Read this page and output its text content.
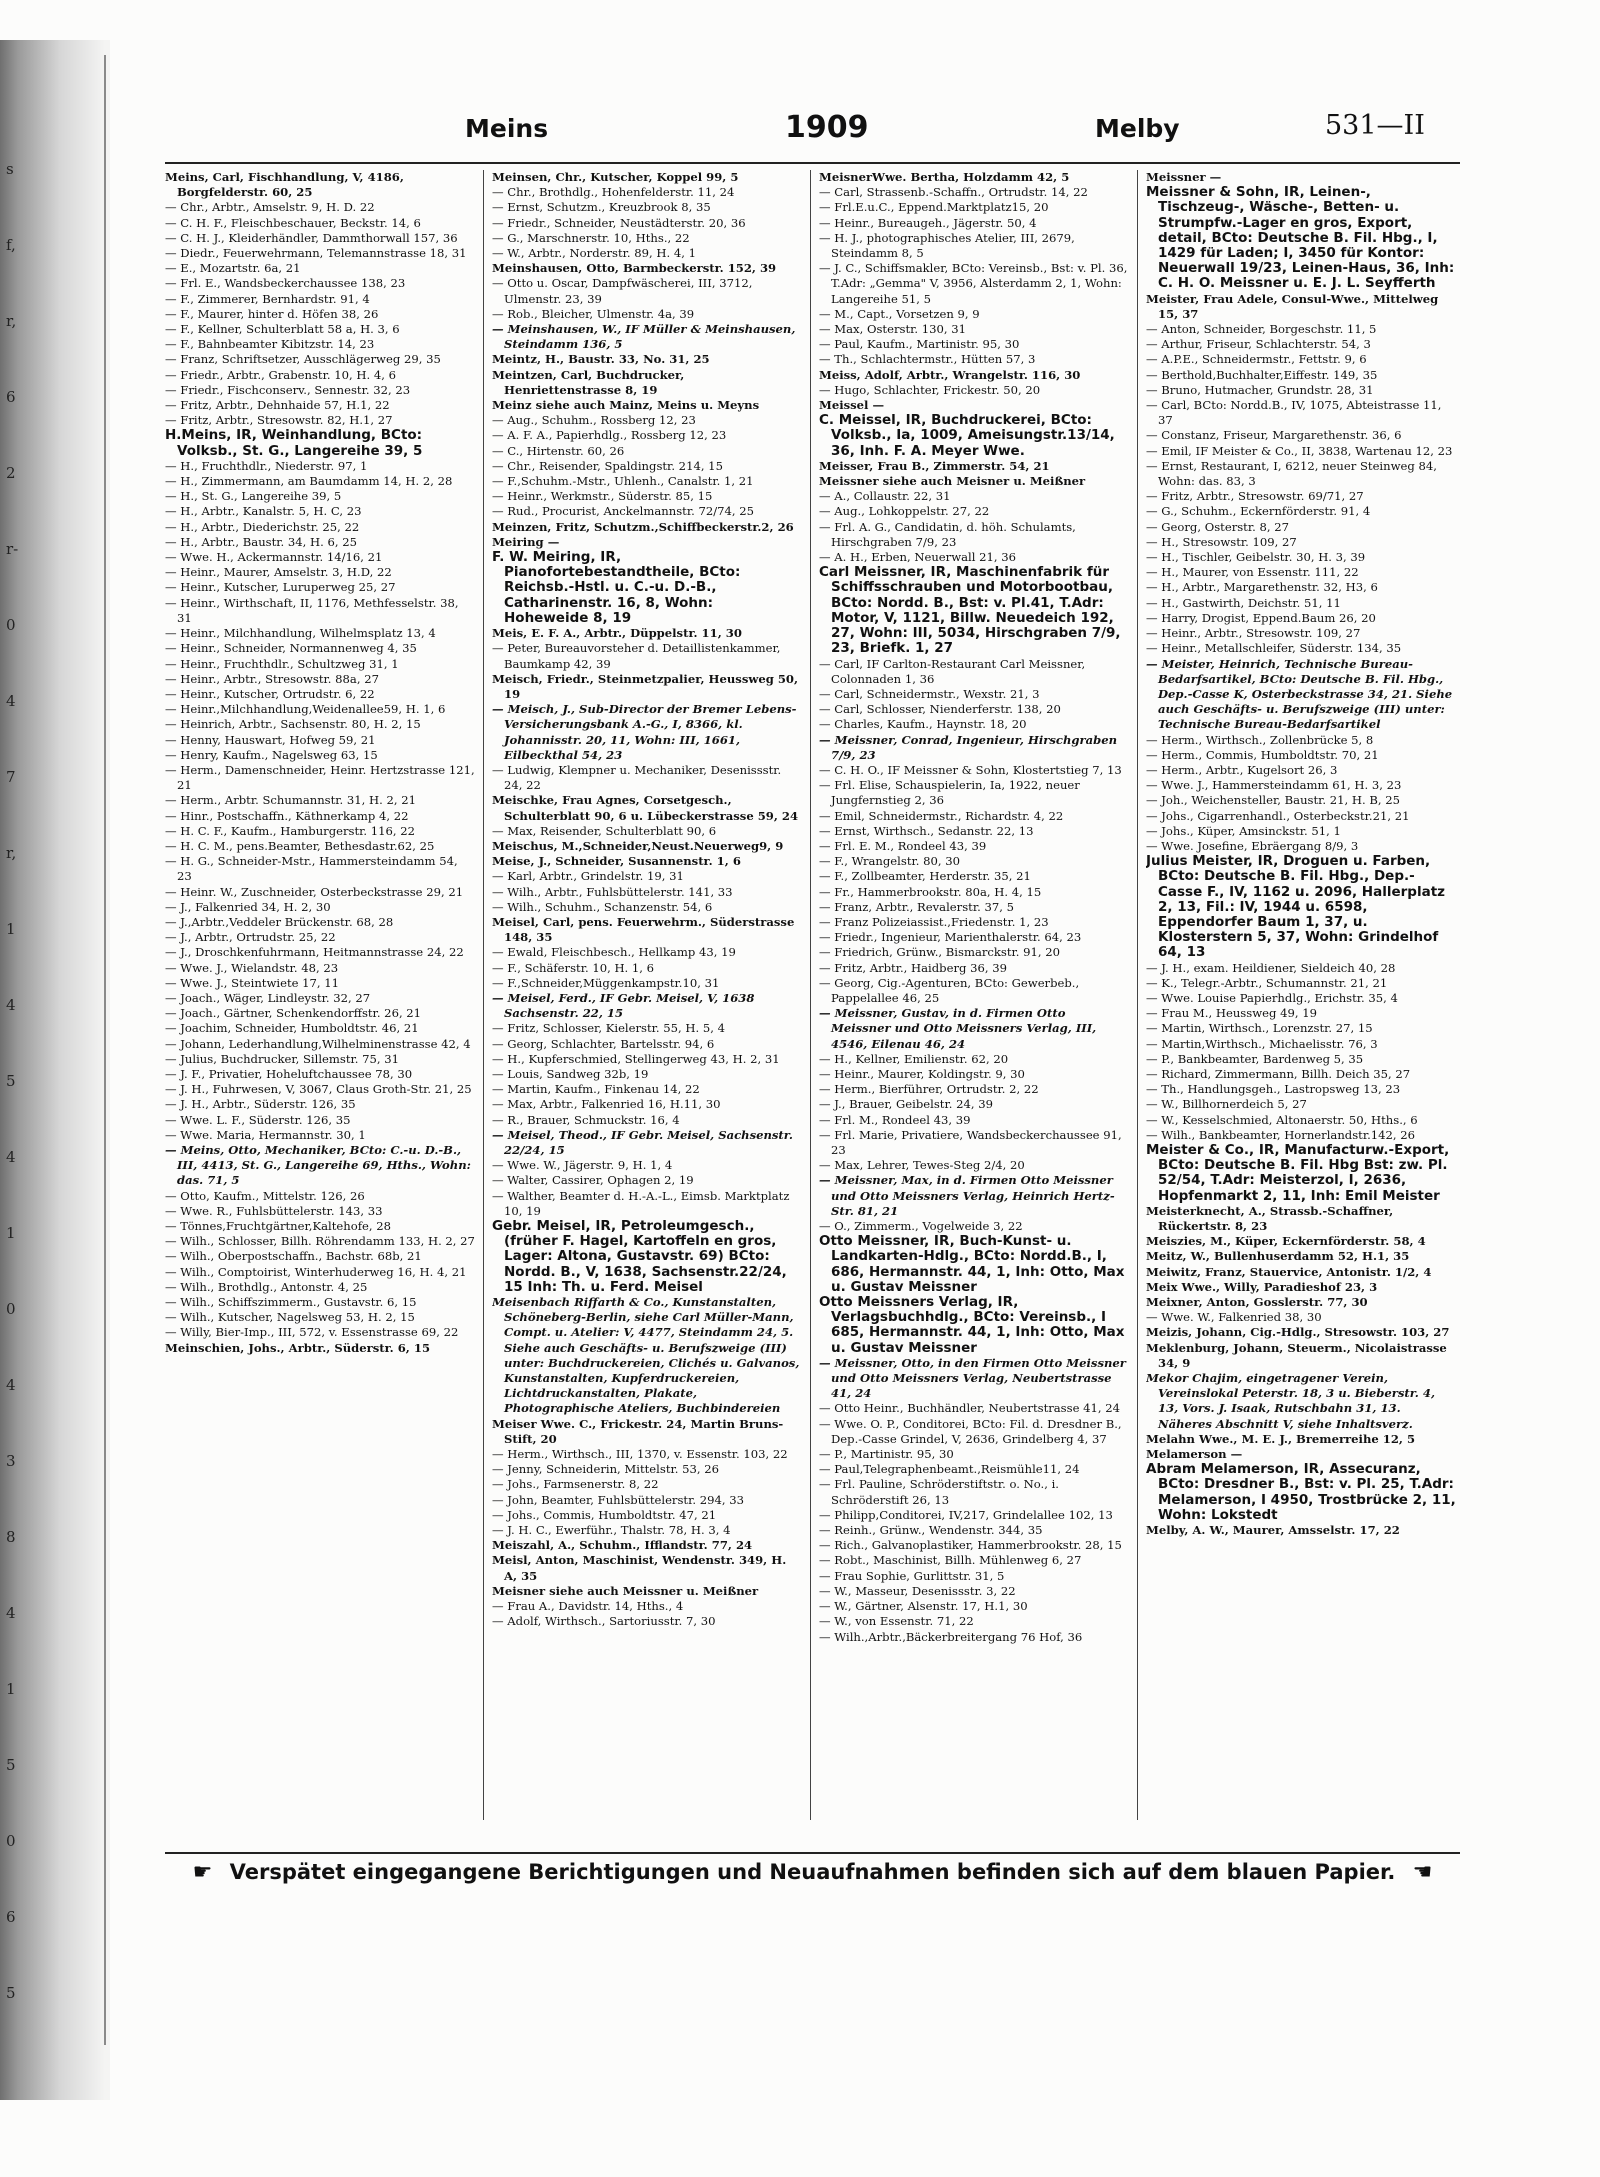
s
f,
r,
6
2
r-
0
4
7
r,
1
4
5
4
1
0
4
3
8
4
1
5
0
6
5
Meins	1909	Melby	531—II

Meins, Carl, Fischhandlung, V, 4186, Borgfelderstr. 60, 25

— Chr., Arbtr., Amselstr. 9, H. D. 22

— C. H. F., Fleischbeschauer, Beckstr. 14, 6

— C. H. J., Kleiderhändler, Dammthorwall 157, 36

— Diedr., Feuerwehrmann, Telemannstrasse 18, 31

— E., Mozartstr. 6a, 21

— Frl. E., Wandsbeckerchaussee 138, 23

— F., Zimmerer, Bernhardstr. 91, 4

— F., Maurer, hinter d. Höfen 38, 26

— F., Kellner, Schulterblatt 58 a, H. 3, 6

— F., Bahnbeamter Kibitzstr. 14, 23

— Franz, Schriftsetzer, Ausschlägerweg 29, 35

— Friedr., Arbtr., Grabenstr. 10, H. 4, 6

— Friedr., Fischconserv., Sennestr. 32, 23

— Fritz, Arbtr., Dehnhaide 57, H.1, 22

— Fritz, Arbtr., Stresowstr. 82, H.1, 27

H.Meins, IR, Weinhandlung, BCto: Volksb., St. G., Langereihe 39, 5

— H., Fruchthdlr., Niederstr. 97, 1

— H., Zimmermann, am Baumdamm 14, H. 2, 28

— H., St. G., Langereihe 39, 5

— H., Arbtr., Kanalstr. 5, H. C, 23

— H., Arbtr., Diederichstr. 25, 22

— H., Arbtr., Baustr. 34, H. 6, 25

— Wwe. H., Ackermannstr. 14/16, 21

— Heinr., Maurer, Amselstr. 3, H.D, 22

— Heinr., Kutscher, Luruperweg 25, 27

— Heinr., Wirthschaft, II, 1176, Methfesselstr. 38, 31

— Heinr., Milchhandlung, Wilhelmsplatz 13, 4

— Heinr., Schneider, Normannenweg 4, 35

— Heinr., Fruchthdlr., Schultzweg 31, 1

— Heinr., Arbtr., Stresowstr. 88a, 27

— Heinr., Kutscher, Ortrudstr. 6, 22

— Heinr.,Milchhandlung,Weidenallee59, H. 1, 6

— Heinrich, Arbtr., Sachsenstr. 80, H. 2, 15

— Henny, Hauswart, Hofweg 59, 21

— Henry, Kaufm., Nagelsweg 63, 15

— Herm., Damenschneider, Heinr. Hertzstrasse 121, 21

— Herm., Arbtr. Schumannstr. 31, H. 2, 21

— Hinr., Postschaffn., Käthnerkamp 4, 22

— H. C. F., Kaufm., Hamburgerstr. 116, 22

— H. C. M., pens.Beamter, Bethesdastr.62, 25

— H. G., Schneider-Mstr., Hammersteindamm 54, 23

— Heinr. W., Zuschneider, Osterbeckstrasse 29, 21

— J., Falkenried 34, H. 2, 30

— J.,Arbtr.,Veddeler Brückenstr. 68, 28

— J., Arbtr., Ortrudstr. 25, 22

— J., Droschkenfuhrmann, Heitmannstrasse 24, 22

— Wwe. J., Wielandstr. 48, 23

— Wwe. J., Steintwiete 17, 11

— Joach., Wäger, Lindleystr. 32, 27

— Joach., Gärtner, Schenkendorffstr. 26, 21

— Joachim, Schneider, Humboldtstr. 46, 21

— Johann, Lederhandlung,Wilhelminenstrasse 42, 4

— Julius, Buchdrucker, Sillemstr. 75, 31

— J. F., Privatier, Hoheluftchaussee 78, 30

— J. H., Fuhrwesen, V, 3067, Claus Groth-Str. 21, 25

— J. H., Arbtr., Süderstr. 126, 35

— Wwe. L. F., Süderstr. 126, 35

— Wwe. Maria, Hermannstr. 30, 1

— Meins, Otto, Mechaniker, BCto: C.-u. D.-B., III, 4413, St. G., Langereihe 69, Hths., Wohn: das. 71, 5

— Otto, Kaufm., Mittelstr. 126, 26

— Wwe. R., Fuhlsbüttelerstr. 143, 33

— Tönnes,Fruchtgärtner,Kaltehofe, 28

— Wilh., Schlosser, Billh. Röhrendamm 133, H. 2, 27

— Wilh., Oberpostschaffn., Bachstr. 68b, 21

— Wilh., Comptoirist, Winterhuderweg 16, H. 4, 21

— Wilh., Brothdlg., Antonstr. 4, 25

— Wilh., Schiffszimmerm., Gustavstr. 6, 15

— Wilh., Kutscher, Nagelsweg 53, H. 2, 15

— Willy, Bier-Imp., III, 572, v. Essenstrasse 69, 22

Meinschien, Johs., Arbtr., Süderstr. 6, 15

Meinsen, Chr., Kutscher, Koppel 99, 5

— Chr., Brothdlg., Hohenfelderstr. 11, 24

— Ernst, Schutzm., Kreuzbrook 8, 35

— Friedr., Schneider, Neustädterstr. 20, 36

— G., Marschnerstr. 10, Hths., 22

— W., Arbtr., Norderstr. 89, H. 4, 1

Meinshausen, Otto, Barmbeckerstr. 152, 39

— Otto u. Oscar, Dampfwäscherei, III, 3712, Ulmenstr. 23, 39

— Rob., Bleicher, Ulmenstr. 4a, 39

— Meinshausen, W., IF Müller & Meinshausen, Steindamm 136, 5

Meintz, H., Baustr. 33, No. 31, 25

Meintzen, Carl, Buchdrucker, Henriettenstrasse 8, 19

Meinz siehe auch Mainz, Meins u. Meyns

— Aug., Schuhm., Rossberg 12, 23

— A. F. A., Papierhdlg., Rossberg 12, 23

— C., Hirtenstr. 60, 26

— Chr., Reisender, Spaldingstr. 214, 15

— F.,Schuhm.-Mstr., Uhlenh., Canalstr. 1, 21

— Heinr., Werkmstr., Süderstr. 85, 15

— Rud., Procurist, Anckelmannstr. 72/74, 25

Meinzen, Fritz, Schutzm.,Schiffbeckerstr.2, 26

Meiring —

F. W. Meiring, IR, Pianofortebestandtheile, BCto: Reichsb.-Hstl. u. C.-u. D.-B., Catharinenstr. 16, 8, Wohn: Hoheweide 8, 19

Meis, E. F. A., Arbtr., Düppelstr. 11, 30

— Peter, Bureauvorsteher d. Detaillistenkammer, Baumkamp 42, 39

Meisch, Friedr., Steinmetzpalier, Heussweg 50, 19

— Meisch, J., Sub-Director der Bremer Lebens-Versicherungsbank A.-G., I, 8366, kl. Johannisstr. 20, 11, Wohn: III, 1661, Eilbeckthal 54, 23

— Ludwig, Klempner u. Mechaniker, Desenissstr. 24, 22

Meischke, Frau Agnes, Corsetgesch., Schulterblatt 90, 6 u. Lübeckerstrasse 59, 24

— Max, Reisender, Schulterblatt 90, 6

Meischus, M.,Schneider,Neust.Neuerweg9, 9

Meise, J., Schneider, Susannenstr. 1, 6

— Karl, Arbtr., Grindelstr. 19, 31

— Wilh., Arbtr., Fuhlsbüttelerstr. 141, 33

— Wilh., Schuhm., Schanzenstr. 54, 6

Meisel, Carl, pens. Feuerwehrm., Süderstrasse 148, 35

— Ewald, Fleischbesch., Hellkamp 43, 19

— F., Schäferstr. 10, H. 1, 6

— F.,Schneider,Müggenkampstr.10, 31

— Meisel, Ferd., IF Gebr. Meisel, V, 1638 Sachsenstr. 22, 15

— Fritz, Schlosser, Kielerstr. 55, H. 5, 4

— Georg, Schlachter, Bartelsstr. 94, 6

— H., Kupferschmied, Stellingerweg 43, H. 2, 31

— Louis, Sandweg 32b, 19

— Martin, Kaufm., Finkenau 14, 22

— Max, Arbtr., Falkenried 16, H.11, 30

— R., Brauer, Schmuckstr. 16, 4

— Meisel, Theod., IF Gebr. Meisel, Sachsenstr. 22/24, 15

— Wwe. W., Jägerstr. 9, H. 1, 4

— Walter, Cassirer, Ophagen 2, 19

— Walther, Beamter d. H.-A.-L., Eimsb. Marktplatz 10, 19

Gebr. Meisel, IR, Petroleumgesch., (früher F. Hagel, Kartoffeln en gros, Lager: Altona, Gustavstr. 69) BCto: Nordd. B., V, 1638, Sachsenstr.22/24, 15 Inh: Th. u. Ferd. Meisel

Meisenbach Riffarth & Co., Kunstanstalten, Schöneberg-Berlin, siehe Carl Müller-Mann, Compt. u. Atelier: V, 4477, Steindamm 24, 5. Siehe auch Geschäfts- u. Berufszweige (III) unter: Buchdruckereien, Clichés u. Galvanos, Kunstanstalten, Kupferdruckereien, Lichtdruckanstalten, Plakate, Photographische Ateliers, Buchbindereien

Meiser Wwe. C., Frickestr. 24, Martin Bruns-Stift, 20

— Herm., Wirthsch., III, 1370, v. Essenstr. 103, 22

— Jenny, Schneiderin, Mittelstr. 53, 26

— Johs., Farmsenerstr. 8, 22

— John, Beamter, Fuhlsbüttelerstr. 294, 33

— Johs., Commis, Humboldtstr. 47, 21

— J. H. C., Ewerführ., Thalstr. 78, H. 3, 4

Meiszahl, A., Schuhm., Ifflandstr. 77, 24

Meisl, Anton, Maschinist, Wendenstr. 349, H. A, 35

Meisner siehe auch Meissner u. Meißner

— Frau A., Davidstr. 14, Hths., 4

— Adolf, Wirthsch., Sartoriusstr. 7, 30

MeisnerWwe. Bertha, Holzdamm 42, 5

— Carl, Strassenb.-Schaffn., Ortrudstr. 14, 22

— Frl.E.u.C., Eppend.Marktplatz15, 20

— Heinr., Bureaugeh., Jägerstr. 50, 4

— H. J., photographisches Atelier, III, 2679, Steindamm 8, 5

— J. C., Schiffsmakler, BCto: Vereinsb., Bst: v. Pl. 36, T.Adr: „Gemma" V, 3956, Alsterdamm 2, 1, Wohn: Langereihe 51, 5

— M., Capt., Vorsetzen 9, 9

— Max, Osterstr. 130, 31

— Paul, Kaufm., Martinistr. 95, 30

— Th., Schlachtermstr., Hütten 57, 3

Meiss, Adolf, Arbtr., Wrangelstr. 116, 30

— Hugo, Schlachter, Frickestr. 50, 20

Meissel —

C. Meissel, IR, Buchdruckerei, BCto: Volksb., Ia, 1009, Ameisungstr.13/14, 36, Inh. F. A. Meyer Wwe.

Meisser, Frau B., Zimmerstr. 54, 21

Meissner siehe auch Meisner u. Meißner

— A., Collaustr. 22, 31

— Aug., Lohkoppelstr. 27, 22

— Frl. A. G., Candidatin, d. höh. Schulamts, Hirschgraben 7/9, 23

— A. H., Erben, Neuerwall 21, 36

Carl Meissner, IR, Maschinenfabrik für Schiffsschrauben und Motorbootbau, BCto: Nordd. B., Bst: v. Pl.41, T.Adr: Motor, V, 1121, Billw. Neuedeich 192, 27, Wohn: III, 5034, Hirschgraben 7/9, 23, Briefk. 1, 27

— Carl, IF Carlton-Restaurant Carl Meissner, Colonnaden 1, 36

— Carl, Schneidermstr., Wexstr. 21, 3

— Carl, Schlosser, Nienderferstr. 138, 20

— Charles, Kaufm., Haynstr. 18, 20

— Meissner, Conrad, Ingenieur, Hirschgraben 7/9, 23

— C. H. O., IF Meissner & Sohn, Klostertstieg 7, 13

— Frl. Elise, Schauspielerin, Ia, 1922, neuer Jungfernstieg 2, 36

— Emil, Schneidermstr., Richardstr. 4, 22

— Ernst, Wirthsch., Sedanstr. 22, 13

— Frl. E. M., Rondeel 43, 39

— F., Wrangelstr. 80, 30

— F., Zollbeamter, Herderstr. 35, 21

— Fr., Hammerbrookstr. 80a, H. 4, 15

— Franz, Arbtr., Revalerstr. 37, 5

— Franz Polizeiassist.,Friedenstr. 1, 23

— Friedr., Ingenieur, Marienthalerstr. 64, 23

— Friedrich, Grünw., Bismarckstr. 91, 20

— Fritz, Arbtr., Haidberg 36, 39

— Georg, Cig.-Agenturen, BCto: Gewerbeb., Pappelallee 46, 25

— Meissner, Gustav, in d. Firmen Otto Meissner und Otto Meissners Verlag, III, 4546, Eilenau 46, 24

— H., Kellner, Emilienstr. 62, 20

— Heinr., Maurer, Koldingstr. 9, 30

— Herm., Bierführer, Ortrudstr. 2, 22

— J., Brauer, Geibelstr. 24, 39

— Frl. M., Rondeel 43, 39

— Frl. Marie, Privatiere, Wandsbeckerchaussee 91, 23

— Max, Lehrer, Tewes-Steg 2/4, 20

— Meissner, Max, in d. Firmen Otto Meissner und Otto Meissners Verlag, Heinrich Hertz-Str. 81, 21

— O., Zimmerm., Vogelweide 3, 22

Otto Meissner, IR, Buch-Kunst- u. Landkarten-Hdlg., BCto: Nordd.B., I, 686, Hermannstr. 44, 1, Inh: Otto, Max u. Gustav Meissner

Otto Meissners Verlag, IR, Verlagsbuchhdlg., BCto: Vereinsb., I 685, Hermannstr. 44, 1, Inh: Otto, Max u. Gustav Meissner

— Meissner, Otto, in den Firmen Otto Meissner und Otto Meissners Verlag, Neubertstrasse 41, 24

— Otto Heinr., Buchhändler, Neubertstrasse 41, 24

— Wwe. O. P., Conditorei, BCto: Fil. d. Dresdner B., Dep.-Casse Grindel, V, 2636, Grindelberg 4, 37

— P., Martinistr. 95, 30

— Paul,Telegraphenbeamt.,Reismühle11, 24

— Frl. Pauline, Schröderstiftstr. o. No., i. Schröderstift 26, 13

— Philipp,Conditorei, IV,217, Grindelallee 102, 13

— Reinh., Grünw., Wendenstr. 344, 35

— Rich., Galvanoplastiker, Hammerbrookstr. 28, 15

— Robt., Maschinist, Billh. Mühlenweg 6, 27

— Frau Sophie, Gurlittstr. 31, 5

— W., Masseur, Desenissstr. 3, 22

— W., Gärtner, Alsenstr. 17, H.1, 30

— W., von Essenstr. 71, 22

— Wilh.,Arbtr.,Bäckerbreitergang 76 Hof, 36

Meissner —

Meissner & Sohn, IR, Leinen-, Tischzeug-, Wäsche-, Betten- u. Strumpfw.-Lager en gros, Export, detail, BCto: Deutsche B. Fil. Hbg., I, 1429 für Laden; I, 3450 für Kontor: Neuerwall 19/23, Leinen-Haus, 36, Inh: C. H. O. Meissner u. E. J. L. Seyfferth

Meister, Frau Adele, Consul-Wwe., Mittelweg 15, 37

— Anton, Schneider, Borgeschstr. 11, 5

— Arthur, Friseur, Schlachterstr. 54, 3

— A.P.E., Schneidermstr., Fettstr. 9, 6

— Berthold,Buchhalter,Eiffestr. 149, 35

— Bruno, Hutmacher, Grundstr. 28, 31

— Carl, BCto: Nordd.B., IV, 1075, Abteistrasse 11, 37

— Constanz, Friseur, Margarethenstr. 36, 6

— Emil, IF Meister & Co., II, 3838, Wartenau 12, 23

— Ernst, Restaurant, I, 6212, neuer Steinweg 84, Wohn: das. 83, 3

— Fritz, Arbtr., Stresowstr. 69/71, 27

— G., Schuhm., Eckernförderstr. 91, 4

— Georg, Osterstr. 8, 27

— H., Stresowstr. 109, 27

— H., Tischler, Geibelstr. 30, H. 3, 39

— H., Maurer, von Essenstr. 111, 22

— H., Arbtr., Margarethenstr. 32, H3, 6

— H., Gastwirth, Deichstr. 51, 11

— Harry, Drogist, Eppend.Baum 26, 20

— Heinr., Arbtr., Stresowstr. 109, 27

— Heinr., Metallschleifer, Süderstr. 134, 35

— Meister, Heinrich, Technische Bureau-Bedarfsartikel, BCto: Deutsche B. Fil. Hbg., Dep.-Casse K, Osterbeckstrasse 34, 21. Siehe auch Geschäfts- u. Berufszweige (III) unter: Technische Bureau-Bedarfsartikel

— Herm., Wirthsch., Zollenbrücke 5, 8

— Herm., Commis, Humboldtstr. 70, 21

— Herm., Arbtr., Kugelsort 26, 3

— Wwe. J., Hammersteindamm 61, H. 3, 23

— Joh., Weichensteller, Baustr. 21, H. B, 25

— Johs., Cigarrenhandl., Osterbeckstr.21, 21

— Johs., Küper, Amsinckstr. 51, 1

— Wwe. Josefine, Ebräergang 8/9, 3

Julius Meister, IR, Droguen u. Farben, BCto: Deutsche B. Fil. Hbg., Dep.-Casse F., IV, 1162 u. 2096, Hallerplatz 2, 13, Fil.: IV, 1944 u. 6598, Eppendorfer Baum 1, 37, u. Klosterstern 5, 37, Wohn: Grindelhof 64, 13

— J. H., exam. Heildiener, Sieldeich 40, 28

— K., Telegr.-Arbtr., Schumannstr. 21, 21

— Wwe. Louise Papierhdlg., Erichstr. 35, 4

— Frau M., Heussweg 49, 19

— Martin, Wirthsch., Lorenzstr. 27, 15

— Martin,Wirthsch., Michaelisstr. 76, 3

— P., Bankbeamter, Bardenweg 5, 35

— Richard, Zimmermann, Billh. Deich 35, 27

— Th., Handlungsgeh., Lastropsweg 13, 23

— W., Billhornerdeich 5, 27

— W., Kesselschmied, Altonaerstr. 50, Hths., 6

— Wilh., Bankbeamter, Hornerlandstr.142, 26

Meister & Co., IR, Manufacturw.-Export, BCto: Deutsche B. Fil. Hbg Bst: zw. Pl. 52/54, T.Adr: Meisterzol, I, 2636, Hopfenmarkt 2, 11, Inh: Emil Meister

Meisterknecht, A., Strassb.-Schaffner, Rückertstr. 8, 23

Meiszies, M., Küper, Eckernförderstr. 58, 4

Meitz, W., Bullenhuserdamm 52, H.1, 35

Meiwitz, Franz, Stauervice, Antonistr. 1/2, 4

Meix Wwe., Willy, Paradieshof 23, 3

Meixner, Anton, Gosslerstr. 77, 30

— Wwe. W., Falkenried 38, 30

Meizis, Johann, Cig.-Hdlg., Stresowstr. 103, 27

Meklenburg, Johann, Steuerm., Nicolaistrasse 34, 9

Mekor Chajim, eingetragener Verein, Vereinslokal Peterstr. 18, 3 u. Bieberstr. 4, 13, Vors. J. Isaak, Rutschbahn 31, 13. Näheres Abschnitt V, siehe Inhaltsverz.

Melahn Wwe., M. E. J., Bremerreihe 12, 5

Melamerson —

Abram Melamerson, IR, Assecuranz, BCto: Dresdner B., Bst: v. Pl. 25, T.Adr: Melamerson, I 4950, Trostbrücke 2, 11, Wohn: Lokstedt

Melby, A. W., Maurer, Amsselstr. 17, 22

☛ Verspätet eingegangene Berichtigungen und Neuaufnahmen befinden sich auf dem blauen Papier. ☚
